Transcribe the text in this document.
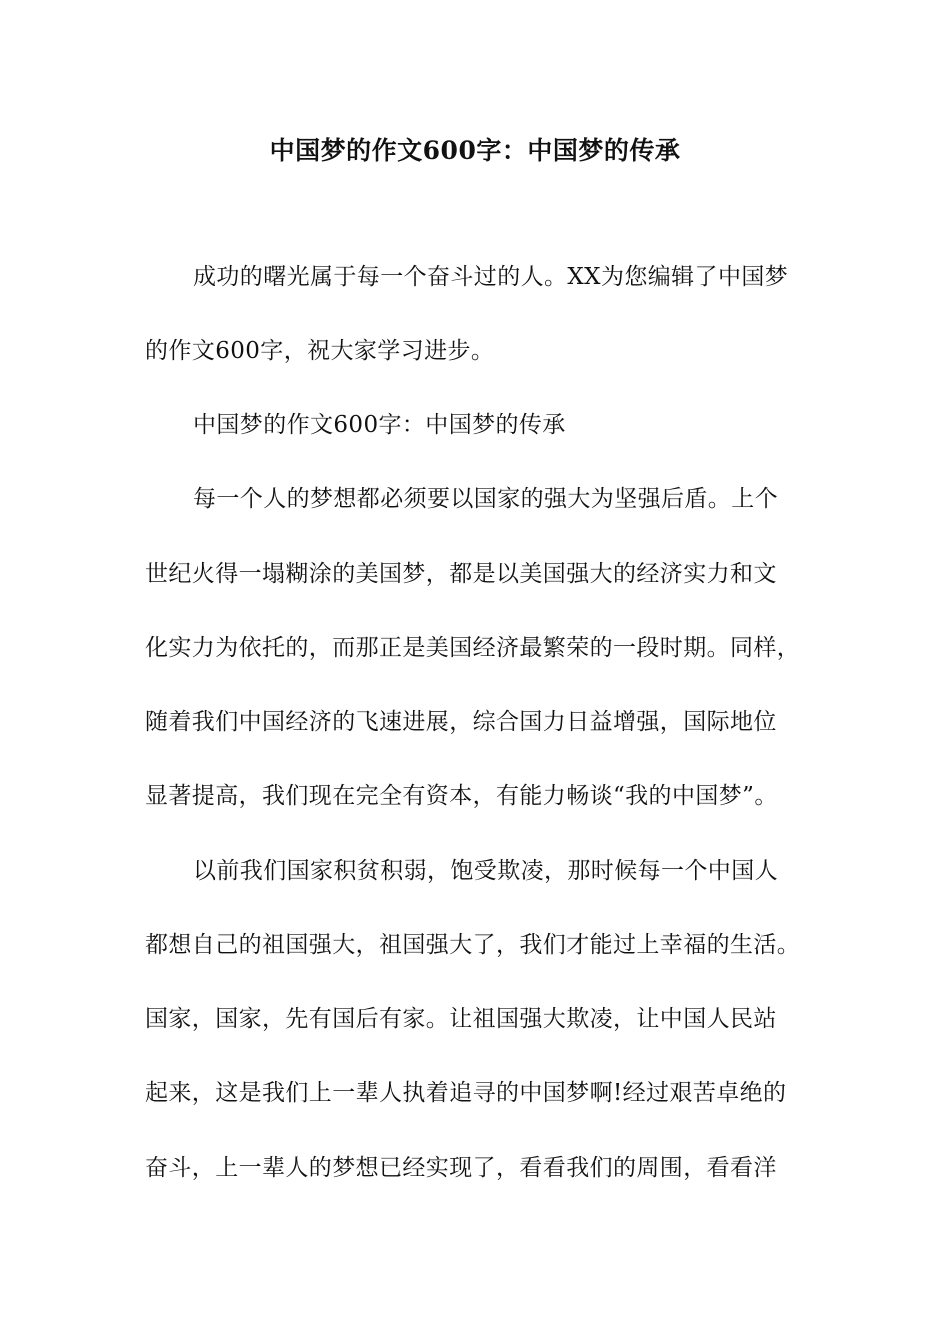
中国梦的作文600字：中国梦的传承
成功的曙光属于每一个奋斗过的人。XX为您编辑了中国梦
的作文600字，祝大家学习进步。
中国梦的作文600字：中国梦的传承
每一个人的梦想都必须要以国家的强大为坚强后盾。上个
世纪火得一塌糊涂的美国梦，都是以美国强大的经济实力和文
化实力为依托的，而那正是美国经济最繁荣的一段时期。同样，
随着我们中国经济的飞速进展，综合国力日益增强，国际地位
显著提高，我们现在完全有资本，有能力畅谈“我的中国梦”。
以前我们国家积贫积弱，饱受欺凌，那时候每一个中国人
都想自己的祖国强大，祖国强大了，我们才能过上幸福的生活。
国家，国家，先有国后有家。让祖国强大欺凌，让中国人民站
起来，这是我们上一辈人执着追寻的中国梦啊!经过艰苦卓绝的
奋斗，上一辈人的梦想已经实现了，看看我们的周围，看看洋
